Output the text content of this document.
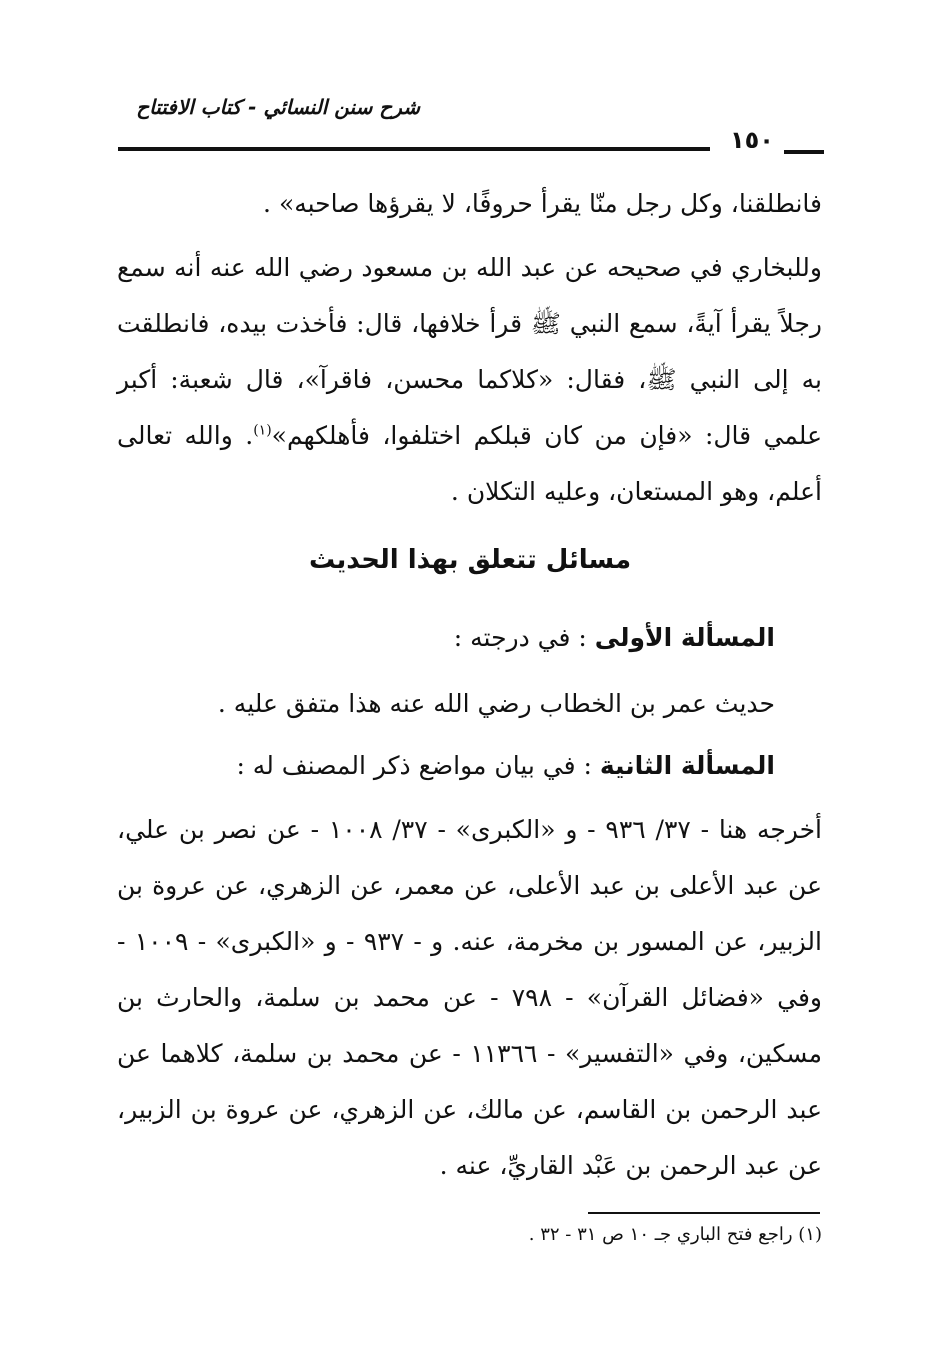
شرح سنن النسائي - كتاب الافتتاح
١٥٠
فانطلقنا، وكل رجل منّا يقرأ حروفًا، لا يقرؤها صاحبه» .
وللبخاري في صحيحه عن عبد الله بن مسعود رضي الله عنه أنه سمع رجلاً يقرأ آيةً، سمع النبي ﷺ قرأ خلافها، قال: فأخذت بيده، فانطلقت به إلى النبي ﷺ، فقال: «كلاكما محسن، فاقرآ»، قال شعبة: أكبر علمي قال: «فإن من كان قبلكم اختلفوا، فأهلكهم»$^{(١)}$. والله تعالى أعلم، وهو المستعان، وعليه التكلان .
مسائل تتعلق بهذا الحديث
المسألة الأولى : في درجته :
حديث عمر بن الخطاب رضي الله عنه هذا متفق عليه .
المسألة الثانية : في بيان مواضع ذكر المصنف له :
أخرجه هنا - ٣٧/ ٩٣٦ - و «الكبرى» - ٣٧/ ١٠٠٨ - عن نصر بن علي، عن عبد الأعلى بن عبد الأعلى، عن معمر، عن الزهري، عن عروة بن الزبير، عن المسور بن مخرمة، عنه. و - ٩٣٧ - و «الكبرى» - ١٠٠٩ - وفي «فضائل القرآن» - ٧٩٨ - عن محمد بن سلمة، والحارث بن مسكين، وفي «التفسير» - ١١٣٦٦ - عن محمد بن سلمة، كلاهما عن عبد الرحمن بن القاسم، عن مالك، عن الزهري، عن عروة بن الزبير، عن عبد الرحمن بن عَبْد القاريِّ، عنه .
(١) راجع فتح الباري جـ ١٠ ص ٣١ - ٣٢ .
